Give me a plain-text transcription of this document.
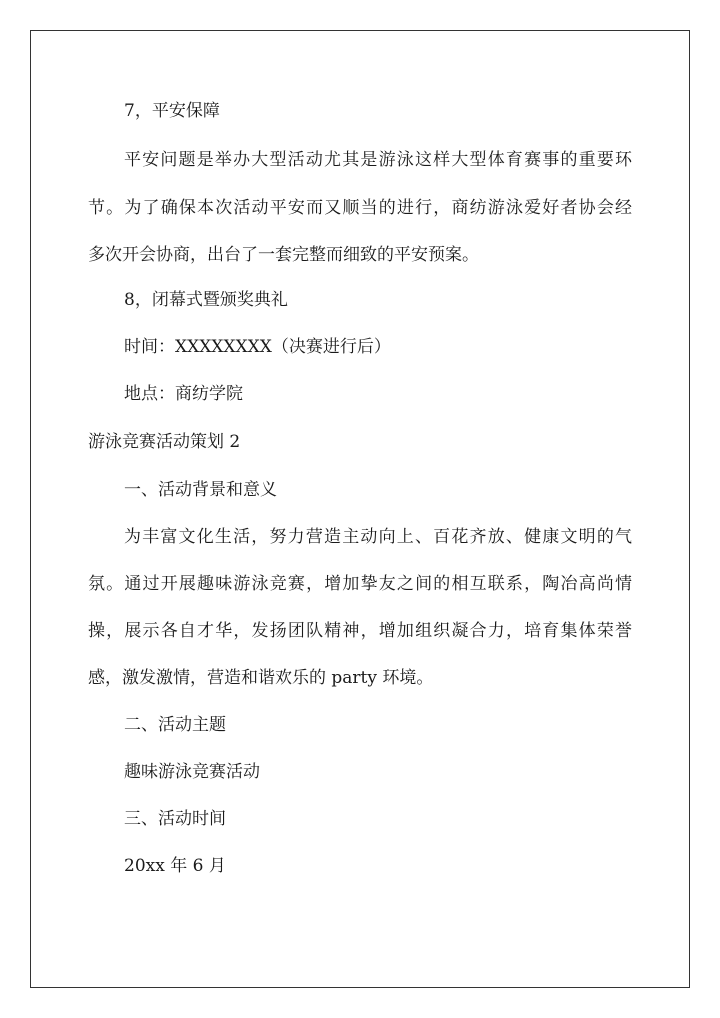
7，平安保障
平安问题是举办大型活动尤其是游泳这样大型体育赛事的重要环
节。为了确保本次活动平安而又顺当的进行，商纺游泳爱好者协会经
多次开会协商，出台了一套完整而细致的平安预案。
8，闭幕式暨颁奖典礼
时间：XXXXXXXX（决赛进行后）
地点：商纺学院
游泳竞赛活动策划 2
一、活动背景和意义
为丰富文化生活，努力营造主动向上、百花齐放、健康文明的气
氛。通过开展趣味游泳竞赛，增加挚友之间的相互联系，陶冶高尚情
操，展示各自才华，发扬团队精神，增加组织凝合力，培育集体荣誉
感，激发激情，营造和谐欢乐的 party 环境。
二、活动主题
趣味游泳竞赛活动
三、活动时间
20xx 年 6 月
